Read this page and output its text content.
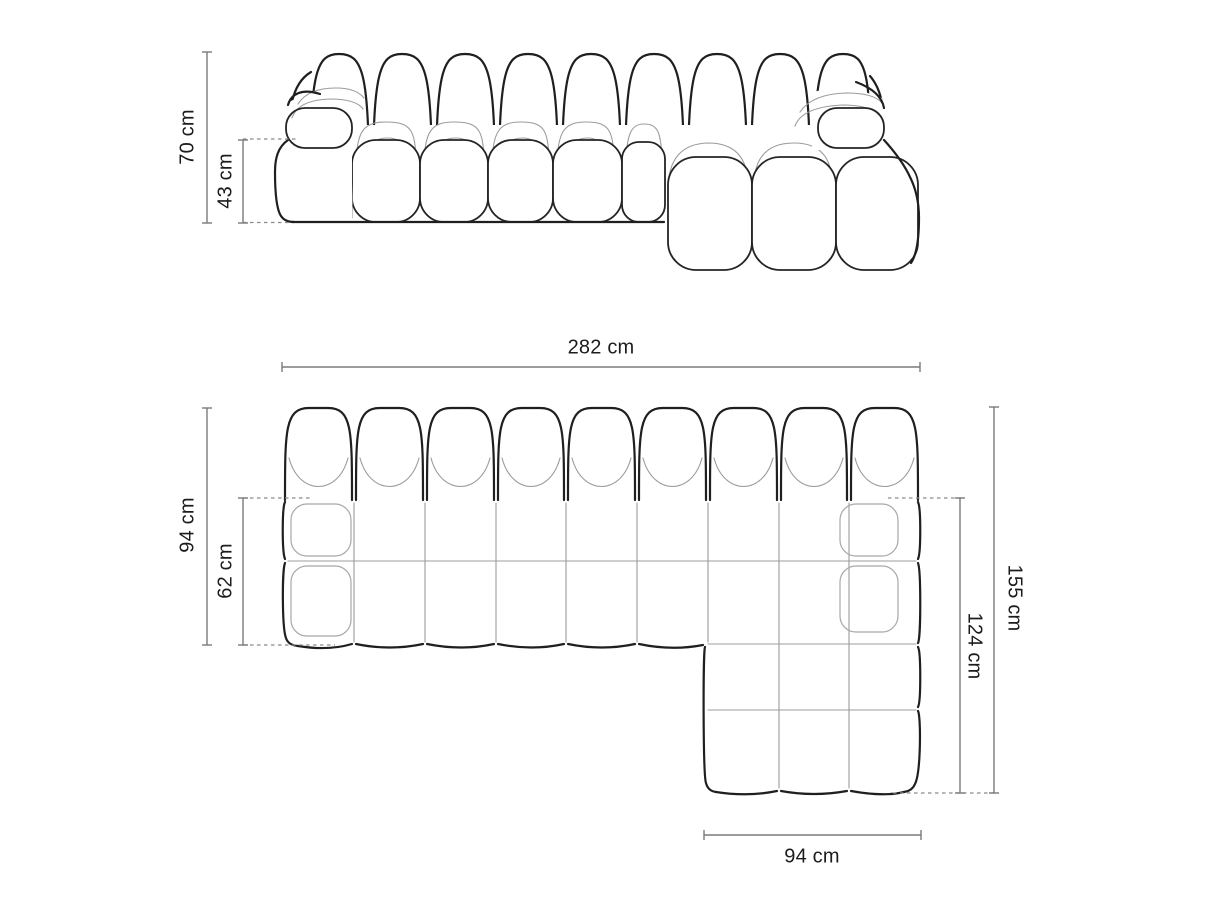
70 cm
43 cm
282 cm
94 cm
62 cm	155 cm
124 cm
94 cm
